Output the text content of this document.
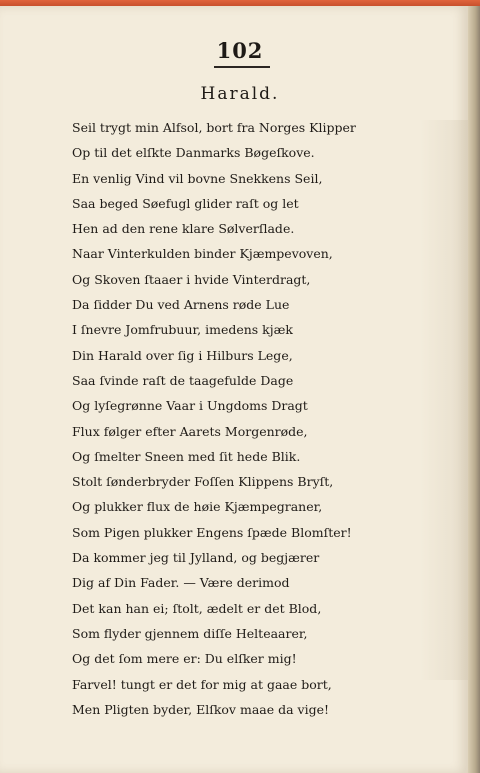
102
Harald.
Seil trygt min Alfsol, bort fra Norges Klipper
Op til det elſkte Danmarks Bøgeſkove.
En venlig Vind vil bovne Snekkens Seil,
Saa beged Søefugl glider raſt og let
Hen ad den rene klare Sølverſlade.
Naar Vinterkulden binder Kjæmpevoven,
Og Skoven ſtaaer i hvide Vinterdragt,
Da ſidder Du ved Arnens røde Lue
I ſnevre Jomfrubuur, imedens kjæk
Din Harald over ſig i Hilburs Lege,
Saa ſvinde raſt de taagefulde Dage
Og lyſegrønne Vaar i Ungdoms Dragt
Flux følger efter Aarets Morgenrøde,
Og ſmelter Sneen med ſit hede Blik.
Stolt ſønderbryder Foſſen Klippens Bryſt,
Og plukker flux de høie Kjæmpegraner,
Som Pigen plukker Engens ſpæde Blomſter!
Da kommer jeg til Jylland, og begjærer
Dig af Din Fader. — Være derimod
Det kan han ei; ſtolt, ædelt er det Blod,
Som flyder gjennem diſſe Helteaarer,
Og det ſom mere er: Du elſker mig!
Farvel! tungt er det for mig at gaae bort,
Men Pligten byder, Elſkov maae da vige!
